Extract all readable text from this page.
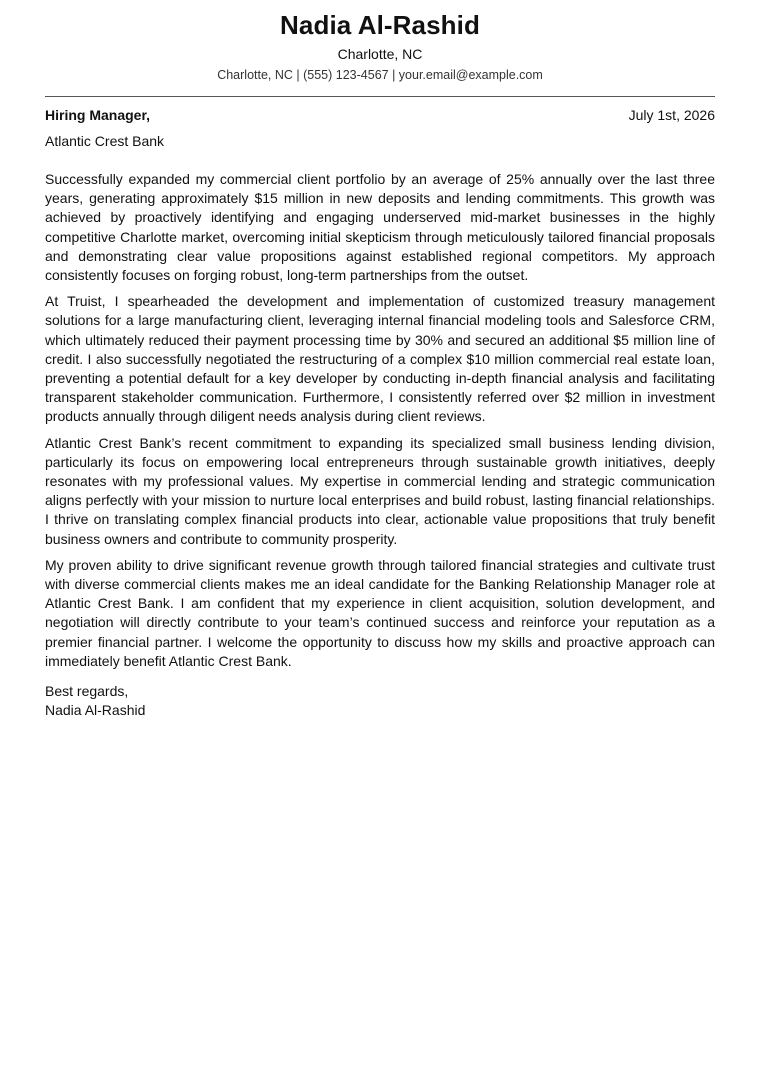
Nadia Al-Rashid
Charlotte, NC
Charlotte, NC | (555) 123-4567 | your.email@example.com
Hiring Manager,	July 1st, 2026
Atlantic Crest Bank

Successfully expanded my commercial client portfolio by an average of 25% annually over the last three years, generating approximately $15 million in new deposits and lending commitments. This growth was achieved by proactively identifying and engaging underserved mid-market businesses in the highly competitive Charlotte market, overcoming initial skepticism through meticulously tailored financial proposals and demonstrating clear value propositions against established regional competitors. My approach consistently focuses on forging robust, long-term partnerships from the outset.

At Truist, I spearheaded the development and implementation of customized treasury management solutions for a large manufacturing client, leveraging internal financial modeling tools and Salesforce CRM, which ultimately reduced their payment processing time by 30% and secured an additional $5 million line of credit. I also successfully negotiated the restructuring of a complex $10 million commercial real estate loan, preventing a potential default for a key developer by conducting in-depth financial analysis and facilitating transparent stakeholder communication. Furthermore, I consistently referred over $2 million in investment products annually through diligent needs analysis during client reviews.

Atlantic Crest Bank’s recent commitment to expanding its specialized small business lending division, particularly its focus on empowering local entrepreneurs through sustainable growth initiatives, deeply resonates with my professional values. My expertise in commercial lending and strategic communication aligns perfectly with your mission to nurture local enterprises and build robust, lasting financial relationships. I thrive on translating complex financial products into clear, actionable value propositions that truly benefit business owners and contribute to community prosperity.

My proven ability to drive significant revenue growth through tailored financial strategies and cultivate trust with diverse commercial clients makes me an ideal candidate for the Banking Relationship Manager role at Atlantic Crest Bank. I am confident that my experience in client acquisition, solution development, and negotiation will directly contribute to your team’s continued success and reinforce your reputation as a premier financial partner. I welcome the opportunity to discuss how my skills and proactive approach can immediately benefit Atlantic Crest Bank.

Best regards,
Nadia Al-Rashid
